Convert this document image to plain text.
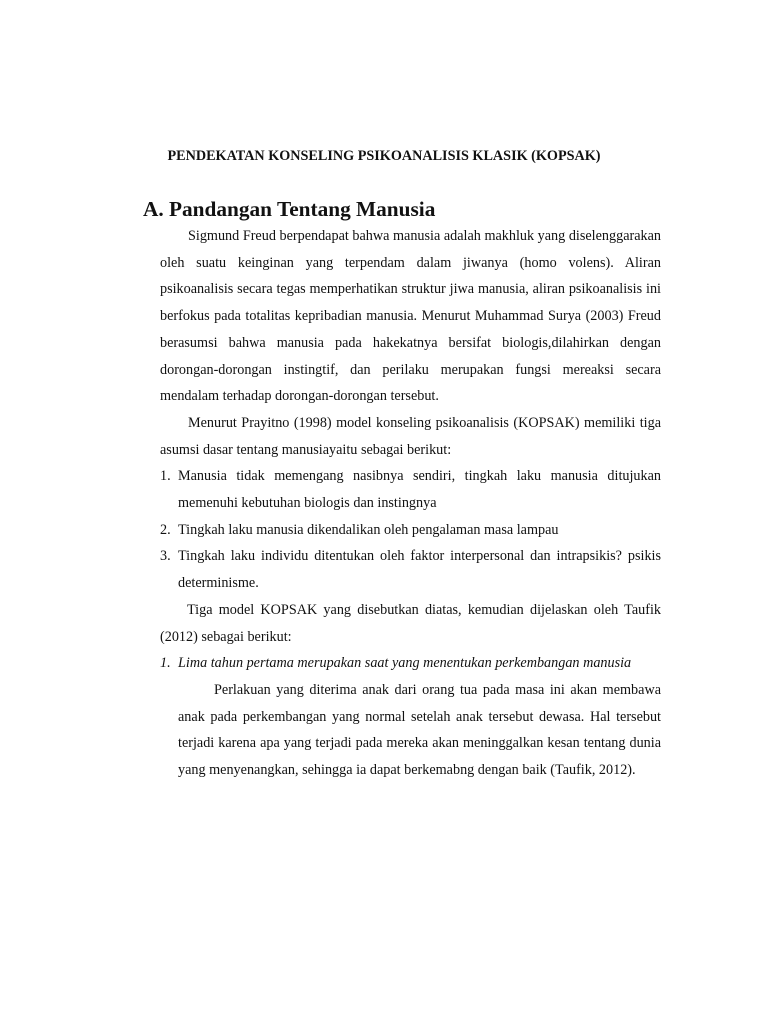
PENDEKATAN KONSELING PSIKOANALISIS KLASIK (KOPSAK)
A. Pandangan Tentang Manusia

Sigmund Freud berpendapat bahwa manusia adalah makhluk yang diselenggarakan oleh suatu keinginan yang terpendam dalam jiwanya (homo volens). Aliran psikoanalisis secara tegas memperhatikan struktur jiwa manusia, aliran psikoanalisis ini berfokus pada totalitas kepribadian manusia. Menurut Muhammad Surya (2003) Freud berasumsi bahwa manusia pada hakekatnya bersifat biologis,dilahirkan dengan dorongan-dorongan instingtif, dan perilaku merupakan fungsi mereaksi secara mendalam terhadap dorongan-dorongan tersebut.

Menurut Prayitno (1998) model konseling psikoanalisis (KOPSAK) memiliki tiga asumsi dasar tentang manusiayaitu sebagai berikut:

1. Manusia tidak memengang nasibnya sendiri, tingkah laku manusia ditujukan memenuhi kebutuhan biologis dan instingnya
2. Tingkah laku manusia dikendalikan oleh pengalaman masa lampau
3. Tingkah laku individu ditentukan oleh faktor interpersonal dan intrapsikis? psikis determinisme.

Tiga model KOPSAK yang disebutkan diatas, kemudian dijelaskan oleh Taufik (2012) sebagai berikut:

1. Lima tahun pertama merupakan saat yang menentukan perkembangan manusia

Perlakuan yang diterima anak dari orang tua pada masa ini akan membawa anak pada perkembangan yang normal setelah anak tersebut dewasa. Hal tersebut terjadi karena apa yang terjadi pada mereka akan meninggalkan kesan tentang dunia yang menyenangkan, sehingga ia dapat berkemabng dengan baik (Taufik, 2012).
